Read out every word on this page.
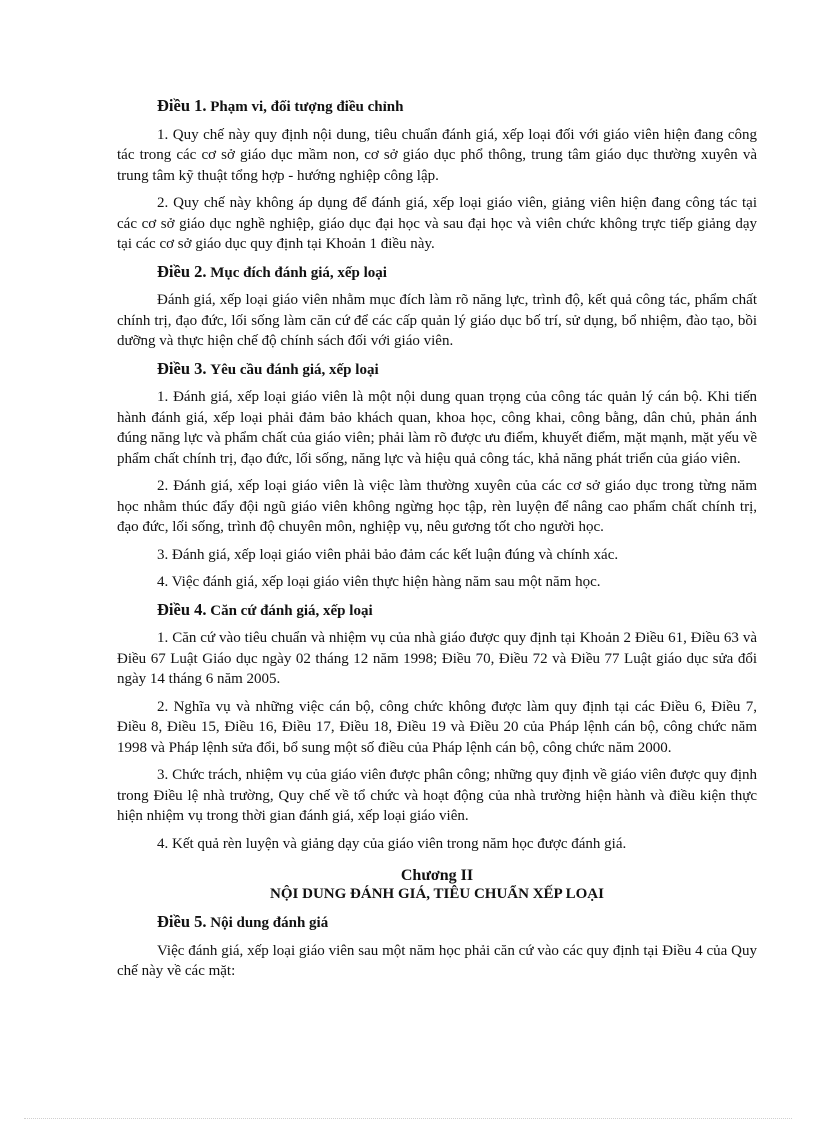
Điều 1. Phạm vi, đối tượng điều chỉnh

1. Quy chế này quy định nội dung, tiêu chuẩn đánh giá, xếp loại đối với giáo viên hiện đang công tác trong các cơ sở giáo dục mầm non, cơ sở giáo dục phổ thông, trung tâm giáo dục thường xuyên và trung tâm kỹ thuật tổng hợp - hướng nghiệp công lập.

2. Quy chế này không áp dụng để đánh giá, xếp loại giáo viên, giảng viên hiện đang công tác tại các cơ sở giáo dục nghề nghiệp, giáo dục đại học và sau đại học và viên chức không trực tiếp giảng dạy tại các cơ sở giáo dục quy định tại Khoản 1 điều này.

Điều 2. Mục đích đánh giá, xếp loại

Đánh giá, xếp loại giáo viên nhằm mục đích làm rõ năng lực, trình độ, kết quả công tác, phẩm chất chính trị, đạo đức, lối sống làm căn cứ để các cấp quản lý giáo dục bố trí, sử dụng, bổ nhiệm, đào tạo, bồi dưỡng và thực hiện chế độ chính sách đối với giáo viên.

Điều 3. Yêu cầu đánh giá, xếp loại

1. Đánh giá, xếp loại giáo viên là một nội dung quan trọng của công tác quản lý cán bộ. Khi tiến hành đánh giá, xếp loại phải đảm bảo khách quan, khoa học, công khai, công bằng, dân chủ, phản ánh đúng năng lực và phẩm chất của giáo viên; phải làm rõ được ưu điểm, khuyết điểm, mặt mạnh, mặt yếu về phẩm chất chính trị, đạo đức, lối sống, năng lực và hiệu quả công tác, khả năng phát triển của giáo viên.

2. Đánh giá, xếp loại giáo viên là việc làm thường xuyên của các cơ sở giáo dục trong từng năm học nhằm thúc đẩy đội ngũ giáo viên không ngừng học tập, rèn luyện để nâng cao phẩm chất chính trị, đạo đức, lối sống, trình độ chuyên môn, nghiệp vụ, nêu gương tốt cho người học.

3. Đánh giá, xếp loại giáo viên phải bảo đảm các kết luận đúng và chính xác.

4. Việc đánh giá, xếp loại giáo viên thực hiện hàng năm sau một năm học.

Điều 4. Căn cứ đánh giá, xếp loại

1. Căn cứ vào tiêu chuẩn và nhiệm vụ của nhà giáo được quy định tại Khoản 2 Điều 61, Điều 63 và Điều 67 Luật Giáo dục ngày 02 tháng 12 năm 1998; Điều 70, Điều 72 và Điều 77 Luật giáo dục sửa đổi ngày 14 tháng 6 năm 2005.

2. Nghĩa vụ và những việc cán bộ, công chức không được làm quy định tại các Điều 6, Điều 7, Điều 8, Điều 15, Điều 16, Điều 17, Điều 18, Điều 19 và Điều 20 của Pháp lệnh cán bộ, công chức năm 1998 và Pháp lệnh sửa đổi, bổ sung một số điều của Pháp lệnh cán bộ, công chức năm 2000.

3. Chức trách, nhiệm vụ của giáo viên được phân công; những quy định về giáo viên được quy định trong Điều lệ nhà trường, Quy chế về tổ chức và hoạt động của nhà trường hiện hành và điều kiện thực hiện nhiệm vụ trong thời gian đánh giá, xếp loại giáo viên.

4. Kết quả rèn luyện và giảng dạy của giáo viên trong năm học được đánh giá.

Chương II
NỘI DUNG ĐÁNH GIÁ, TIÊU CHUẨN XẾP LOẠI

Điều 5. Nội dung đánh giá

Việc đánh giá, xếp loại giáo viên sau một năm học phải căn cứ vào các quy định tại Điều 4 của Quy chế này về các mặt:
